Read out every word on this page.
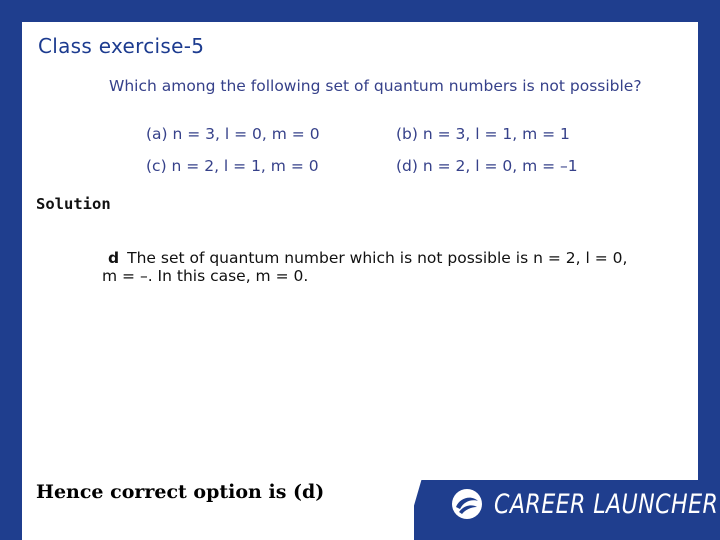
Class exercise-5
Which among the following set of quantum numbers is not possible?
(a) n = 3, l = 0, m = 0	(b) n = 3, l = 1, m = 1
(c) n = 2, l = 1, m = 0	(d) n = 2, l = 0, m = –1
Solution
d The set of quantum number which is not possible is n = 2, l = 0, m = –. In this case, m = 0.
Hence correct option is (d)	CAREER LAUNCHER
